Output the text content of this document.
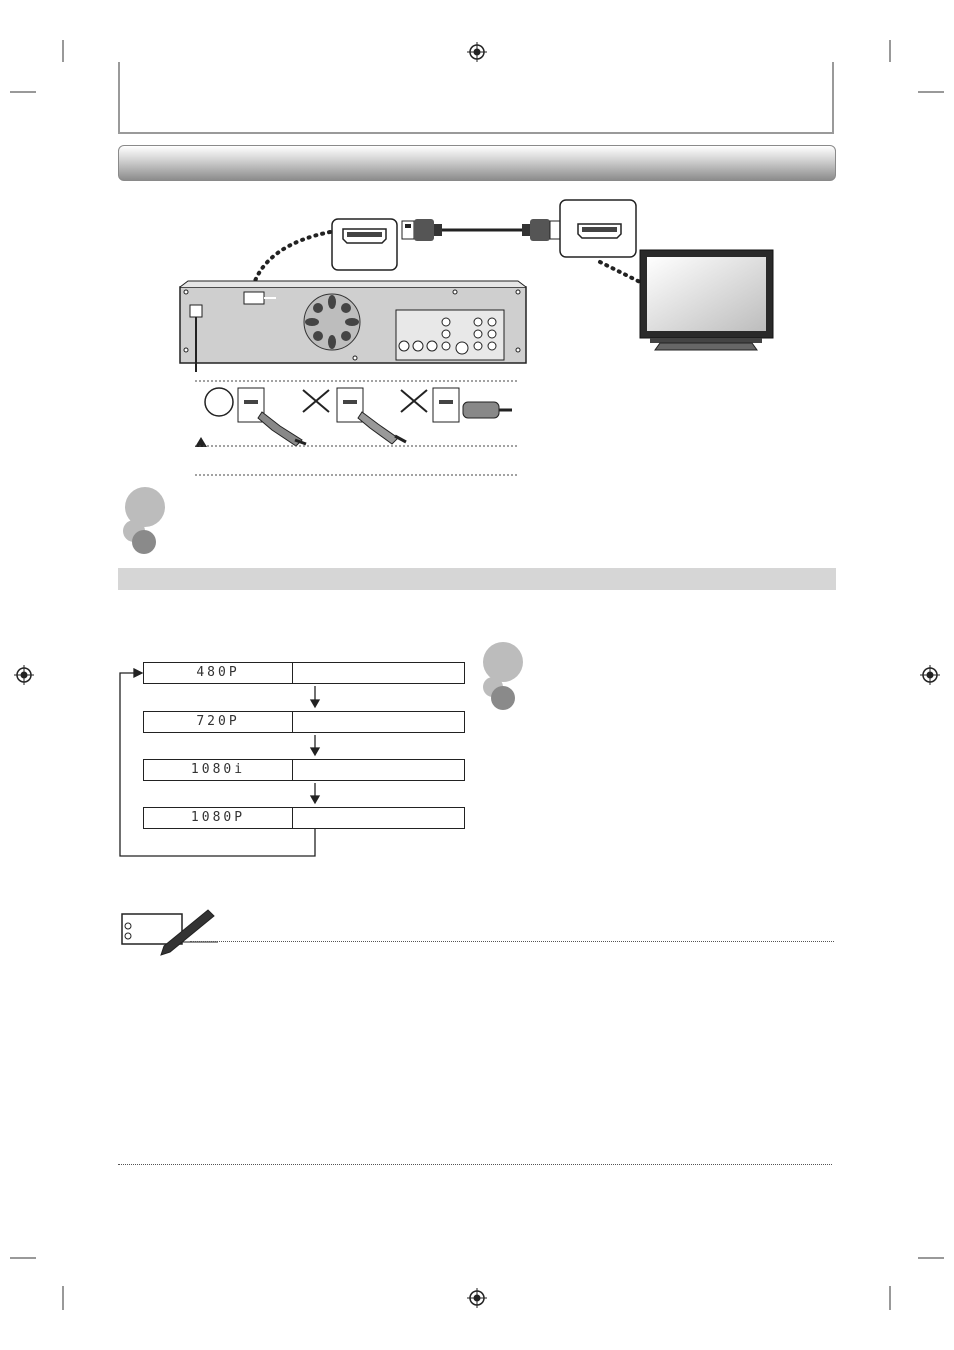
480P
720P
1080i
1080P
